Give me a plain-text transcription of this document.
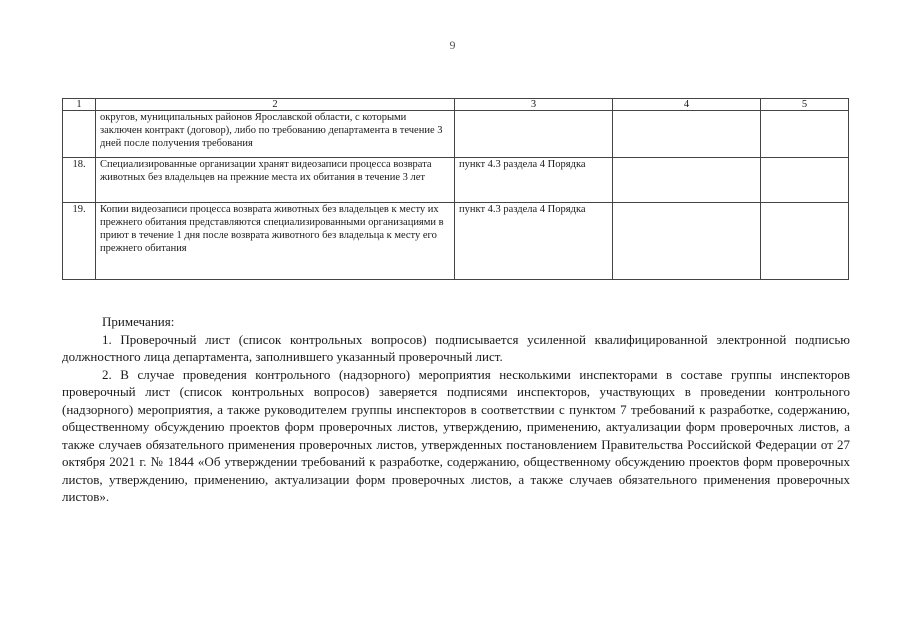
9
1	2	3	4	5
	округов, муниципальных районов Ярославской области, с которыми заключен контракт (договор), либо по требованию департамента в течение 3 дней после получения требования			
18.	Специализированные организации хранят видеозаписи процесса возврата животных без владельцев на прежние места их обитания в течение 3 лет	пункт 4.3 раздела 4 Порядка		
19.	Копии видеозаписи процесса возврата животных без владельцев к месту их прежнего обитания представляются специализированными организациями в приют в течение 1 дня после возврата животного без владельца к месту его прежнего обитания	пункт 4.3 раздела 4 Порядка		

Примечания:

1. Проверочный лист (список контрольных вопросов) подписывается усиленной квалифицированной электронной подписью должностного лица департамента, заполнившего указанный проверочный лист.

2. В случае проведения контрольного (надзорного) мероприятия несколькими инспекторами в составе группы инспекторов проверочный лист (список контрольных вопросов) заверяется подписями инспекторов, участвующих в проведении контрольного (надзорного) мероприятия, а также руководителем группы инспекторов в соответствии с пунктом 7 требований к разработке, содержанию, общественному обсуждению проектов форм проверочных листов, утверждению, применению, актуализации форм проверочных листов, а также случаев обязательного применения проверочных листов, утвержденных постановлением Правительства Российской Федерации от 27 октября 2021 г. № 1844 «Об утверждении требований к разработке, содержанию, общественному обсуждению проектов форм проверочных листов, утверждению, применению, актуализации форм проверочных листов, а также случаев обязательного применения проверочных листов».
